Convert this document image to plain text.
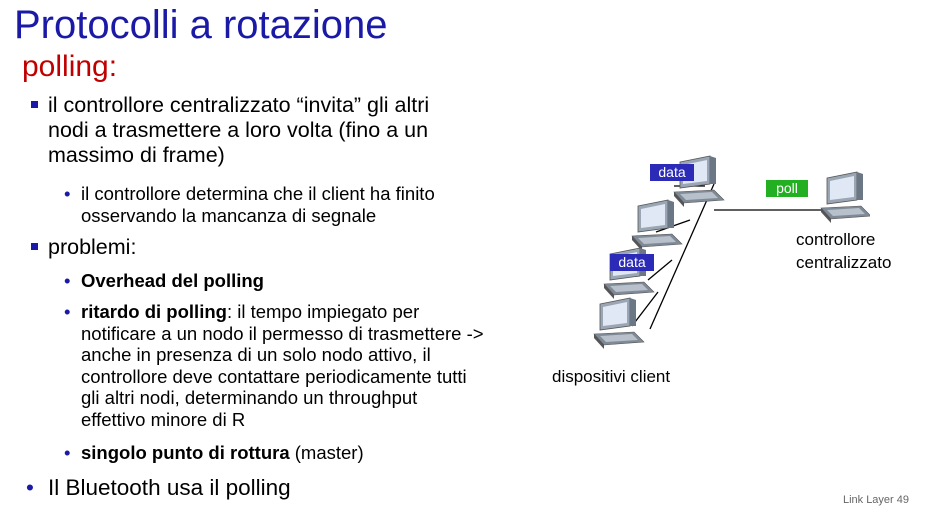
Protocolli a rotazione
polling:
il controllore centralizzato “invita” gli altri
nodi a trasmettere a loro volta (fino a un
massimo di frame)
• il controllore determina che il client ha finito
osservando la mancanza di segnale
problemi:
• Overhead del polling
• ritardo di polling: il tempo impiegato per
notificare a un nodo il permesso di trasmettere ->
anche in presenza di un solo nodo attivo, il
controllore deve contattare periodicamente tutti
gli altri nodi, determinando un throughput
effettivo minore di R
• singolo punto di rottura (master)
• Il Bluetooth usa il polling
data
data
poll
controllore
centralizzato
dispositivi client
Link Layer 49
